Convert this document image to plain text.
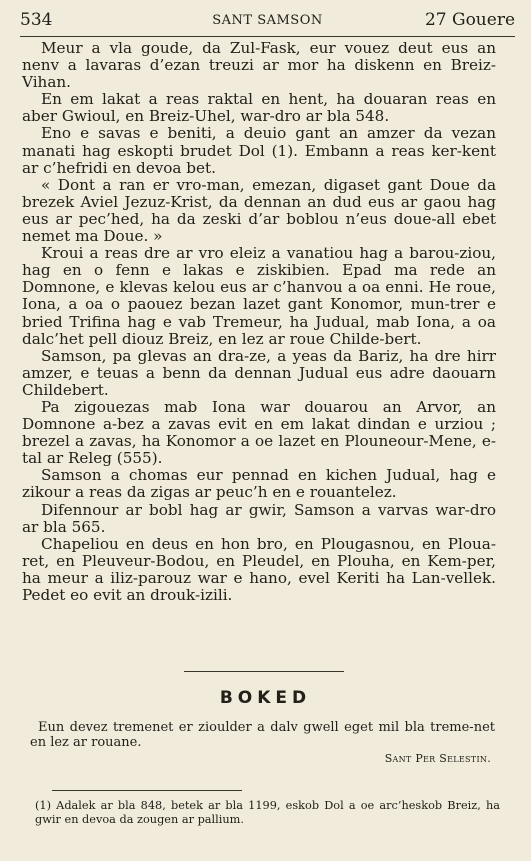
534	SANT SAMSON	27 Gouere

Meur a vla goude, da Zul-Fask, eur vouez deut eus an nenv a lavaras d’ezan treuzi ar mor ha diskenn en Breiz-Vihan.

En em lakat a reas raktal en hent, ha douaran reas en aber Gwioul, en Breiz-Uhel, war-dro ar bla 548.

Eno e savas e beniti, a deuio gant an amzer da vezan manati hag eskopti brudet Dol (1). Embann a reas ker-kent ar c’hefridi en devoa bet.

« Dont a ran er vro-man, emezan, digaset gant Doue da brezek Aviel Jezuz-Krist, da dennan an dud eus ar gaou hag eus ar pec’hed, ha da zeski d’ar boblou n’eus doue-all ebet nemet ma Doue. »

Kroui a reas dre ar vro eleiz a vanatiou hag a barou-ziou, hag en o fenn e lakas e ziskibien. Epad ma rede an Domnone, e klevas kelou eus ar c’hanvou a oa enni. He roue, Iona, a oa o paouez bezan lazet gant Konomor, mun-trer e bried Trifina hag e vab Tremeur, ha Judual, mab Iona, a oa dalc’het pell diouz Breiz, en lez ar roue Childe-bert.

Samson, pa glevas an dra-ze, a yeas da Bariz, ha dre hirr amzer, e teuas a benn da dennan Judual eus adre daouarn Childebert.

Pa zigouezas mab Iona war douarou an Arvor, an Domnone a-bez a zavas evit en em lakat dindan e urziou ; brezel a zavas, ha Konomor a oe lazet en Plouneour-Mene, e-tal ar Releg (555).

Samson a chomas eur pennad en kichen Judual, hag e zikour a reas da zigas ar peuc’h en e rouantelez.

Difennour ar bobl hag ar gwir, Samson a varvas war-dro ar bla 565.

Chapeliou en deus en hon bro, en Plougasnou, en Ploua-ret, en Pleuveur-Bodou, en Pleudel, en Plouha, en Kem-per, ha meur a iliz-parouz war e hano, evel Keriti ha Lan-vellek. Pedet eo evit an drouk-izili.

BOKED
Eun devez tremenet er zioulder a dalv gwell eget mil bla treme-net en lez ar rouane.
Sant Per Selestin.
(1) Adalek ar bla 848, betek ar bla 1199, eskob Dol a oe arc’heskob Breiz, ha gwir en devoa da zougen ar pallium.
